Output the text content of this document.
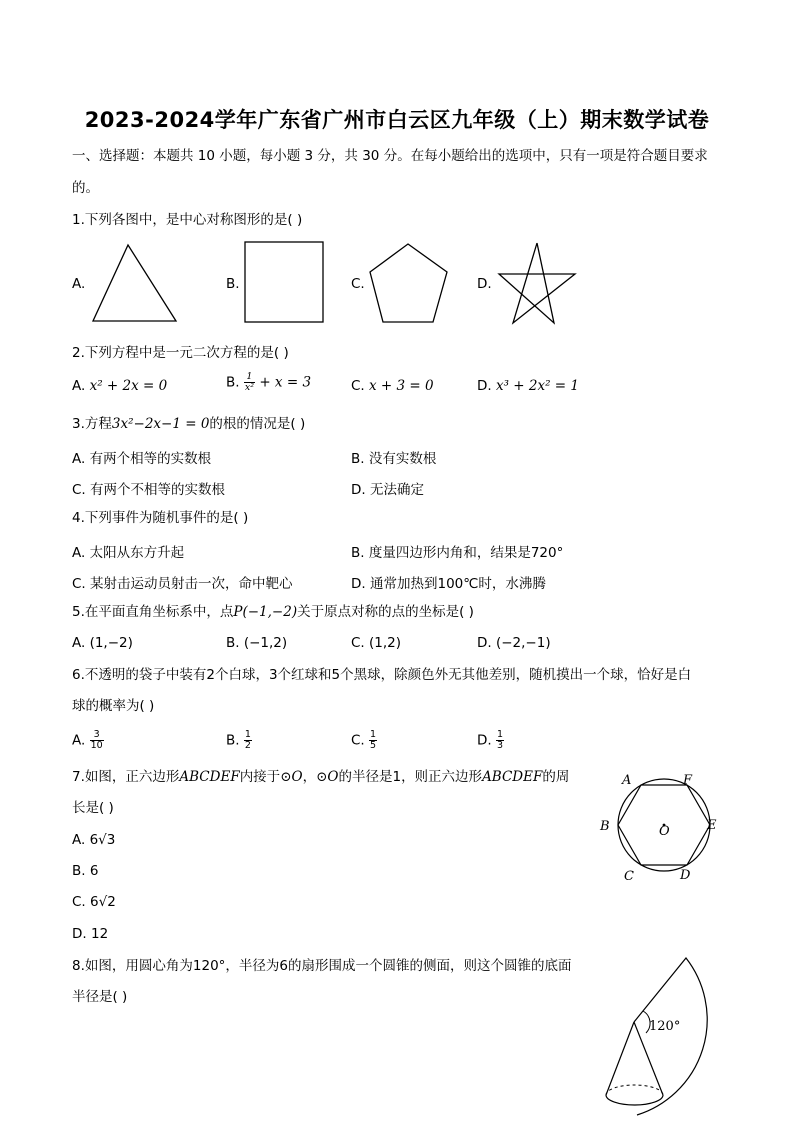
2023-2024学年广东省广州市白云区九年级（上）期末数学试卷
一、选择题：本题共 10 小题，每小题 3 分，共 30 分。在每小题给出的选项中，只有一项是符合题目要求
的。
1.下列各图中，是中心对称图形的是( )
A.	B.	C.	D.
2.下列方程中是一元二次方程的是( )
A. x² + 2x = 0	B. $\frac{1}{\text{x²}} + x = 3$	C. x + 3 = 0	D. x³ + 2x² = 1
3.方程3x²−2x−1 = 0的根的情况是( )
A. 有两个相等的实数根	B. 没有实数根
C. 有两个不相等的实数根	D. 无法确定
4.下列事件为随机事件的是( )
A. 太阳从东方升起	B. 度量四边形内角和，结果是720°
C. 某射击运动员射击一次，命中靶心	D. 通常加热到100℃时，水沸腾
5.在平面直角坐标系中，点P(−1,−2)关于原点对称的点的坐标是( )
A. (1,−2)	B. (−1,2)	C. (1,2)	D. (−2,−1)
6.不透明的袋子中装有2个白球，3个红球和5个黑球，除颜色外无其他差别，随机摸出一个球，恰好是白
球的概率为( )
A. $\frac{3}{10}$	B. $\frac{1}{2}$	C. $\frac{1}{5}$	D. $\frac{1}{3}$
7.如图，正六边形ABCDEF内接于⊙O，⊙O的半径是1，则正六边形ABCDEF的周
长是( )
A. 6√3
B. 6
C. 6√2
D. 12
A	F
B	E
C	D
O
8.如图，用圆心角为120°，半径为6的扇形围成一个圆锥的侧面，则这个圆锥的底面
半径是( )
120°
